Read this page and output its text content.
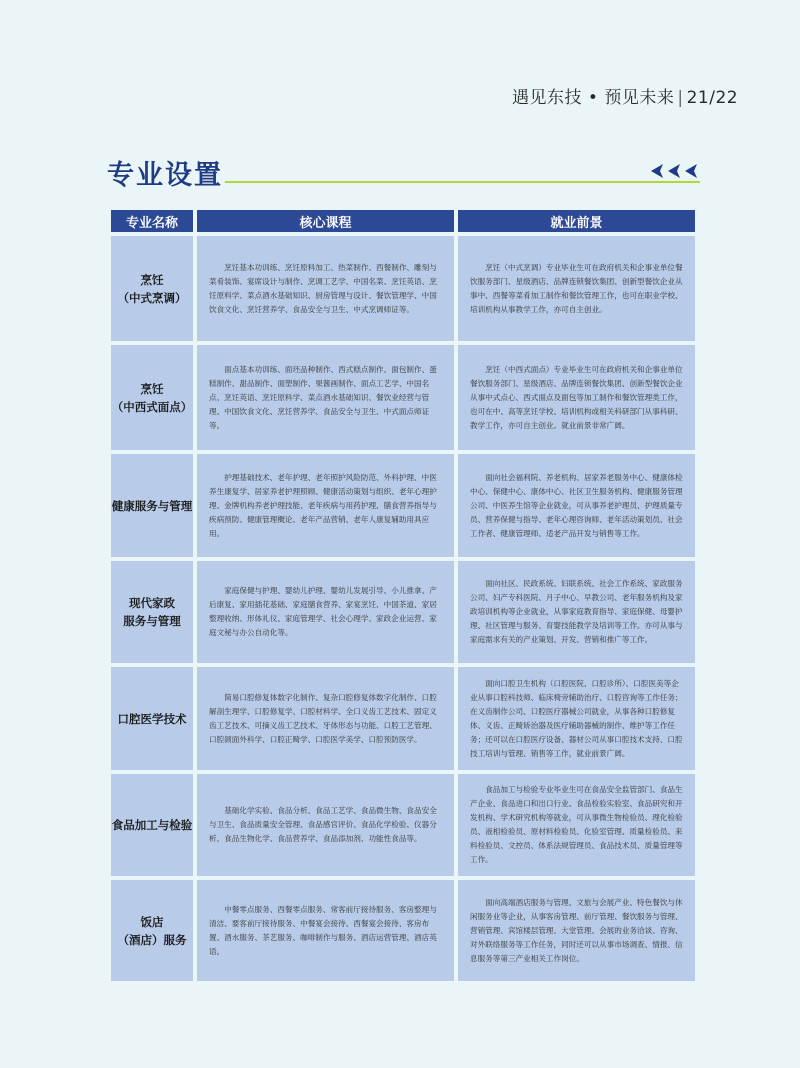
遇见东技 • 预见未来 | 21/22
专业设置
专业名称	核心课程	就业前景

烹饪
（中式烹调）	烹饪基本功训练、烹饪原料加工、热菜制作、西餐制作、雕刻与菜肴装饰、宴席设计与制作、烹调工艺学、中国名菜、烹饪英语、烹饪原料学、菜点酒水基础知识、厨房管理与设计、餐饮管理学、中国饮食文化、烹饪营养学、食品安全与卫生、中式烹调师证等。	烹饪（中式烹调）专业毕业生可在政府机关和企事业单位餐饮服务部门、星级酒店、品牌连锁餐饮集团、创新型餐饮企业从事中、西餐等菜肴加工制作和餐饮管理工作，也可在职业学校、培训机构从事教学工作，亦可自主创业。

烹饪
（中西式面点）	面点基本功训练、面坯品种制作、西式糕点制作、面包制作、蛋糕制作、甜品制作、面塑制作、果酱画制作、面点工艺学、中国名点、烹饪英语、烹饪原料学、菜点酒水基础知识、餐饮业经营与管理、中国饮食文化、烹饪营养学、食品安全与卫生、中式面点师证等。	烹饪（中西式面点）专业毕业生可在政府机关和企事业单位餐饮服务部门、星级酒店、品牌连锁餐饮集团、创新型餐饮企业从事中式点心、西式面点及面包等加工制作和餐饮管理类工作，也可在中、高等烹饪学校、培训机构或相关科研部门从事科研、教学工作，亦可自主创业。就业前景非常广阔。

健康服务与管理	护理基础技术、老年护理、老年照护风险防范、外科护理、中医养生康复学、居家养老护理照顾、健康活动策划与组织、老年心理护理、金牌机构养老护理技能、老年疾病与用药护理、膳食营养指导与疾病预防、健康管理概论、老年产品营销、老年人康复辅助用具应用。	面向社会福利院、养老机构、居家养老服务中心、健康体检中心、保健中心、康体中心、社区卫生服务机构、健康服务管理公司、中医养生馆等企业就业，可从事养老护理员、护理质量专员、营养保健与指导、老年心理咨询师、老年活动策划员、社会工作者、健康管理师、适老产品开发与销售等工作。

现代家政
服务与管理	家庭保健与护理、婴幼儿护理、婴幼儿发展引导、小儿推拿、产后康复、家用插花基础、家庭膳食营养、家宴烹饪、中国茶道、家居整理收纳、形体礼仪、家庭管理学、社会心理学、家政企业运营、家庭文秘与办公自动化等。	面向社区、民政系统、妇联系统、社会工作系统、家政服务公司、妇产专科医院、月子中心、早教公司、老年服务机构及家政培训机构等企业就业，从事家庭教育指导、家庭保健、母婴护理、社区管理与服务、育婴技能教学及培训等工作。亦可从事与家庭需求有关的产业策划、开发、营销和推广等工作。

口腔医学技术	简易口腔修复体数字化制作、复杂口腔修复体数字化制作、口腔解剖生理学、口腔修复学、口腔材料学、全口义齿工艺技术、固定义齿工艺技术、可摘义齿工艺技术、牙体形态与功能、口腔工艺管理、口腔颌面外科学、口腔正畸学、口腔医学美学、口腔预防医学。	面向口腔卫生机构（口腔医院、口腔诊所）、口腔医美等企业从事口腔科技师、临床椅旁辅助治疗、口腔咨询等工作任务；在义齿制作公司、口腔医疗器械公司就业，从事各种口腔修复体、义齿、正畸矫治器及医疗辅助器械的制作、维护等工作任务；还可以在口腔医疗设备、器材公司从事口腔技术支持、口腔技工培训与管理、销售等工作，就业前景广阔。

食品加工与检验	基础化学实验、食品分析、食品工艺学、食品微生物、食品安全与卫生、食品质量安全管理、食品感官评价、食品化学检验、仪器分析、食品生物化学、食品营养学、食品添加剂、功能性食品等。	食品加工与检验专业毕业生可在食品安全监管部门、食品生产企业、食品进口和出口行业、食品检验实验室、食品研究和开发机构、学术研究机构等就业，可从事微生物检验员、理化检验员、液相检验员、原材料检验员、化验室管理、质量检验员、来料检验员、文控员、体系法规管理员、食品技术员、质量管理等工作。

饭店
（酒店）服务	中餐零点服务、西餐零点服务、常客前厅接待服务、客房整理与清洁、要客前厅接待服务、中餐宴会接待、西餐宴会接待、客房布置、酒水服务、茶艺服务、咖啡制作与服务、酒店运营管理、酒店英语。	面向高端酒店服务与管理、文旅与会展产业、特色餐饮与休闲服务业等企业，从事客房管理、前厅管理、餐饮服务与管理、营销管理、宾馆楼层管理、大堂管理、会展的业务洽谈、咨询、对外联络服务等工作任务，同时还可以从事市场调查、情报、信息服务等第三产业相关工作岗位。
